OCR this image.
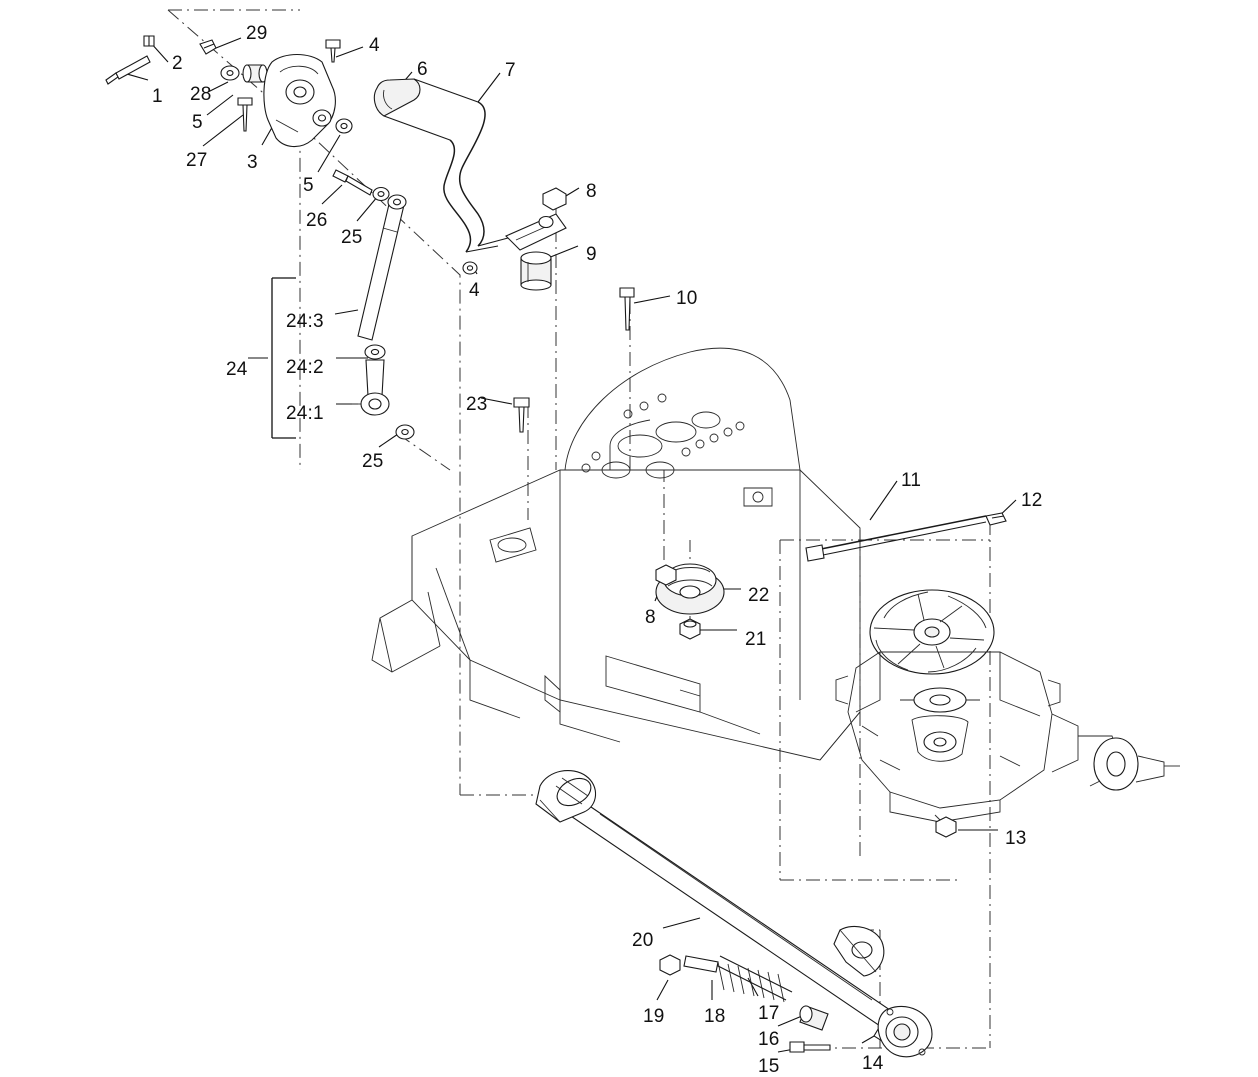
1
2
29
4
6	7
28
5
27 3
5
26
25
8
9
4	10
24:3
24 24:2
23
24:1
25
11
12
22
8
21
13
20
19 18 17
16
15	14
